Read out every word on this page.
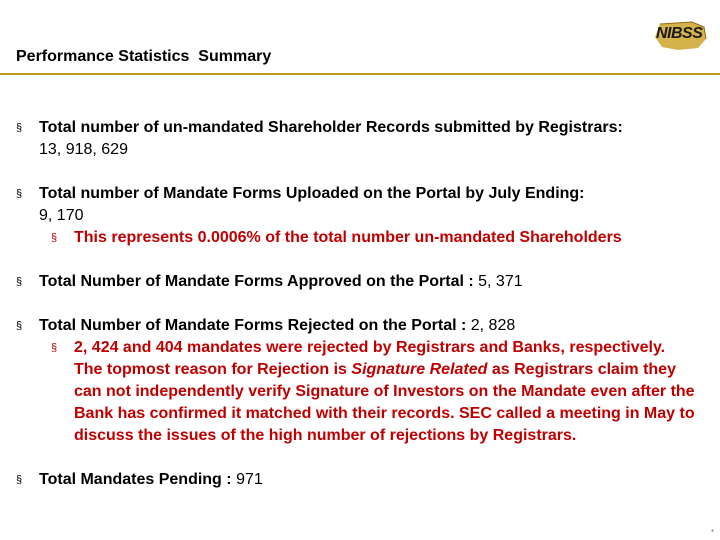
Performance Statistics  Summary
NIBSS
§ Total number of un-mandated Shareholder Records submitted by Registrars:
13, 918, 629
§ Total number of Mandate Forms Uploaded on the Portal by July Ending:
9, 170
§ This represents 0.0006% of the total number un-mandated Shareholders
§ Total Number of Mandate Forms Approved on the Portal : 5, 371
§ Total Number of Mandate Forms Rejected on the Portal : 2, 828
§ 2, 424 and 404 mandates were rejected by Registrars and Banks, respectively. The topmost reason for Rejection is Signature Related as Registrars claim they can not independently verify Signature of Investors on the Mandate even after the Bank has confirmed it matched with their records. SEC called a meeting in May to discuss the issues of the high number of rejections by Registrars.
§ Total Mandates Pending : 971
●
